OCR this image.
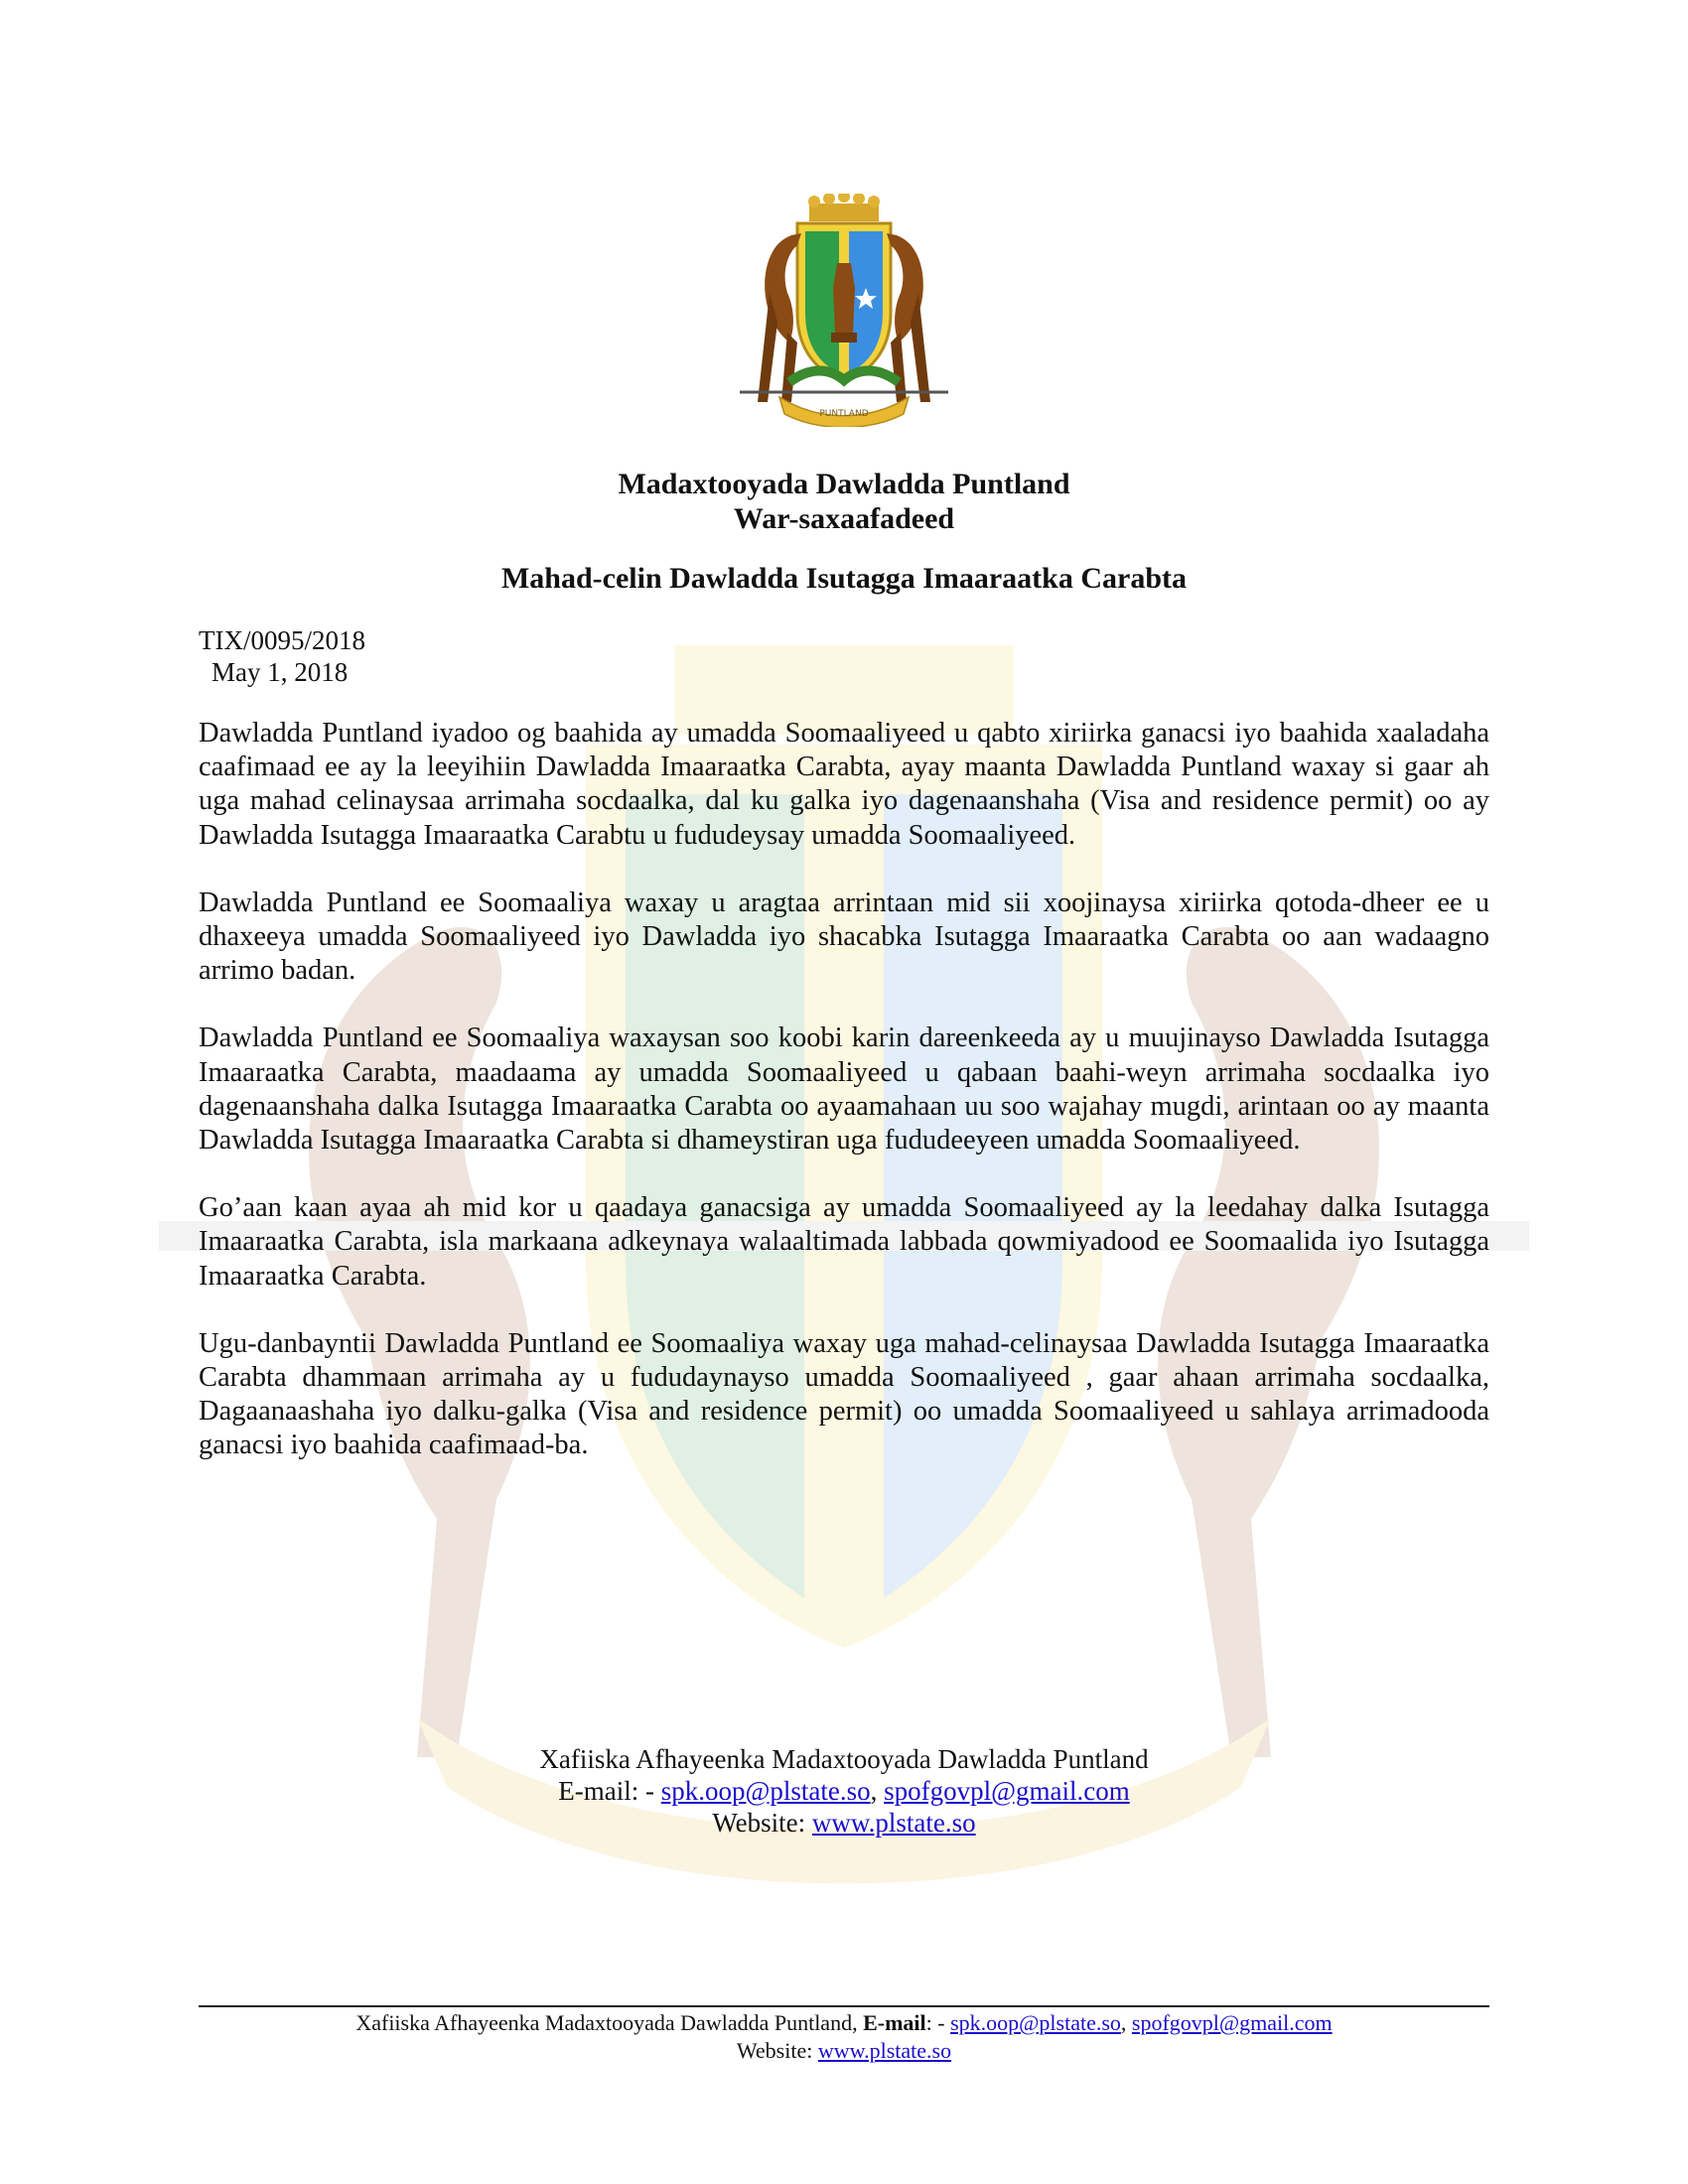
PUNTLAND
Madaxtooyada Dawladda Puntland
War-saxaafadeed
Mahad-celin Dawladda Isutagga Imaaraatka Carabta
TIX/0095/2018
May 1, 2018

Dawladda Puntland iyadoo og baahida ay umadda Soomaaliyeed u qabto xiriirka ganacsi iyo baahida xaaladaha caafimaad ee ay la leeyihiin Dawladda Imaaraatka Carabta, ayay maanta Dawladda Puntland waxay si gaar ah uga mahad celinaysaa arrimaha socdaalka, dal ku galka iyo dagenaanshaha (Visa and residence permit) oo ay Dawladda Isutagga Imaaraatka Carabtu u fududeysay umadda Soomaaliyeed.

Dawladda Puntland ee Soomaaliya waxay u aragtaa arrintaan mid sii xoojinaysa xiriirka qotoda-dheer ee u dhaxeeya umadda Soomaaliyeed iyo Dawladda iyo shacabka Isutagga Imaaraatka Carabta oo aan wadaagno arrimo badan.

Dawladda Puntland ee Soomaaliya waxaysan soo koobi karin dareenkeeda ay u muujinayso Dawladda Isutagga Imaaraatka Carabta, maadaama ay umadda Soomaaliyeed u qabaan baahi-weyn arrimaha socdaalka iyo dagenaanshaha dalka Isutagga Imaaraatka Carabta oo ayaamahaan uu soo wajahay mugdi, arintaan oo ay maanta Dawladda Isutagga Imaaraatka Carabta si dhameystiran uga fududeeyeen umadda Soomaaliyeed.

Go’aan kaan ayaa ah mid kor u qaadaya ganacsiga ay umadda Soomaaliyeed ay la leedahay dalka Isutagga Imaaraatka Carabta, isla markaana adkeynaya walaaltimada labbada qowmiyadood ee Soomaalida iyo Isutagga Imaaraatka Carabta.

Ugu-danbayntii Dawladda Puntland ee Soomaaliya waxay uga mahad-celinaysaa Dawladda Isutagga Imaaraatka Carabta dhammaan arrimaha ay u fududaynayso umadda Soomaaliyeed , gaar ahaan arrimaha socdaalka, Dagaanaashaha iyo dalku-galka (Visa and residence permit) oo umadda Soomaaliyeed u sahlaya arrimadooda ganacsi iyo baahida caafimaad-ba.

Xafiiska Afhayeenka Madaxtooyada Dawladda Puntland
E-mail: - spk.oop@plstate.so, spofgovpl@gmail.com
Website: www.plstate.so
Xafiiska Afhayeenka Madaxtooyada Dawladda Puntland, E-mail: - spk.oop@plstate.so, spofgovpl@gmail.com
Website: www.plstate.so
